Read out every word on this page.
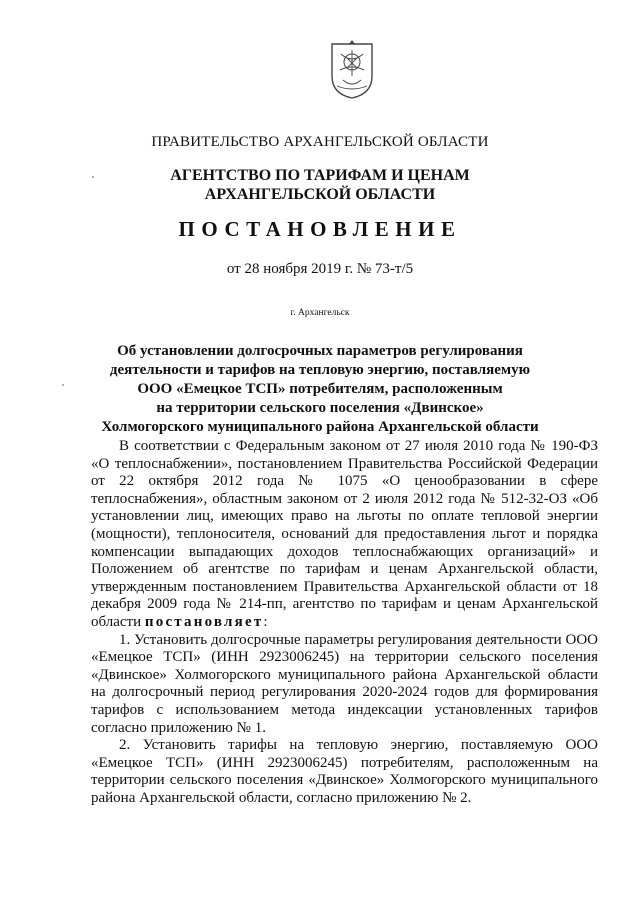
ПРАВИТЕЛЬСТВО АРХАНГЕЛЬСКОЙ ОБЛАСТИ
АГЕНТСТВО ПО ТАРИФАМ И ЦЕНАМ
АРХАНГЕЛЬСКОЙ ОБЛАСТИ
ПОСТАНОВЛЕНИЕ
от 28 ноября 2019 г. № 73-т/5
г. Архангельск
Об установлении долгосрочных параметров регулирования
деятельности и тарифов на тепловую энергию, поставляемую
ООО «Емецкое ТСП» потребителям, расположенным
на территории сельского поселения «Двинское»
Холмогорского муниципального района Архангельской области

В соответствии с Федеральным законом от 27 июля 2010 года № 190-ФЗ «О теплоснабжении», постановлением Правительства Российской Федерации от 22 октября 2012 года № 1075 «О ценообразовании в сфере теплоснабжения», областным законом от 2 июля 2012 года № 512-32-ОЗ «Об установлении лиц, имеющих право на льготы по оплате тепловой энергии (мощности), теплоносителя, оснований для предоставления льгот и порядка компенсации выпадающих доходов теплоснабжающих организаций» и Положением об агентстве по тарифам и ценам Архангельской области, утвержденным постановлением Правительства Архангельской области от 18 декабря 2009 года № 214-пп, агентство по тарифам и ценам Архангельской области постановляет:

1. Установить долгосрочные параметры регулирования деятельности ООО «Емецкое ТСП» (ИНН 2923006245) на территории сельского поселения «Двинское» Холмогорского муниципального района Архангельской области на долгосрочный период регулирования 2020-2024 годов для формирования тарифов с использованием метода индексации установленных тарифов согласно приложению № 1.

2. Установить тарифы на тепловую энергию, поставляемую ООО «Емецкое ТСП» (ИНН 2923006245) потребителям, расположенным на территории сельского поселения «Двинское» Холмогорского муниципального района Архангельской области, согласно приложению № 2.
